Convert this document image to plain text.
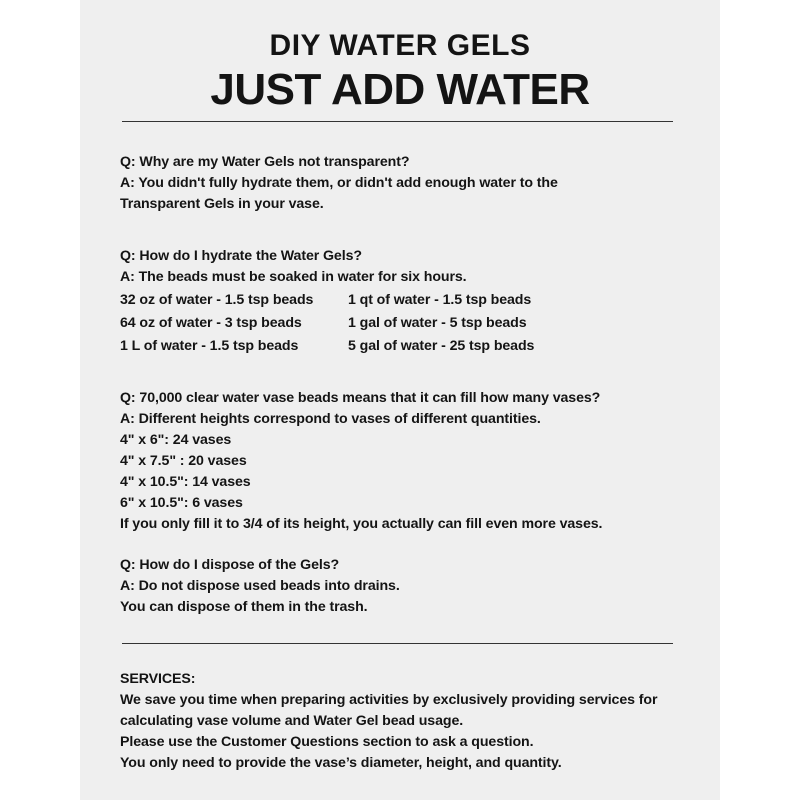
DIY WATER GELS
JUST ADD WATER
Q: Why are my Water Gels not transparent?
A: You didn't fully hydrate them, or didn't add enough water to the
Transparent Gels in your vase.
Q: How do I hydrate the Water Gels?
A: The beads must be soaked in water for six hours.
32 oz of water - 1.5 tsp beads	1 qt of water - 1.5 tsp beads
64 oz of water - 3 tsp beads	1 gal of water - 5 tsp beads
1 L of water - 1.5 tsp beads	5 gal of water - 25 tsp beads
Q: 70,000 clear water vase beads means that it can fill how many vases?
A: Different heights correspond to vases of different quantities.
4" x 6": 24 vases
4" x 7.5" : 20 vases
4" x 10.5": 14 vases
6" x 10.5": 6 vases
If you only fill it to 3/4 of its height, you actually can fill even more vases.
Q: How do I dispose of the Gels?
A: Do not dispose used beads into drains.
You can dispose of them in the trash.
SERVICES:
We save you time when preparing activities by exclusively providing services for
calculating vase volume and Water Gel bead usage.
Please use the Customer Questions section to ask a question.
You only need to provide the vase’s diameter, height, and quantity.
